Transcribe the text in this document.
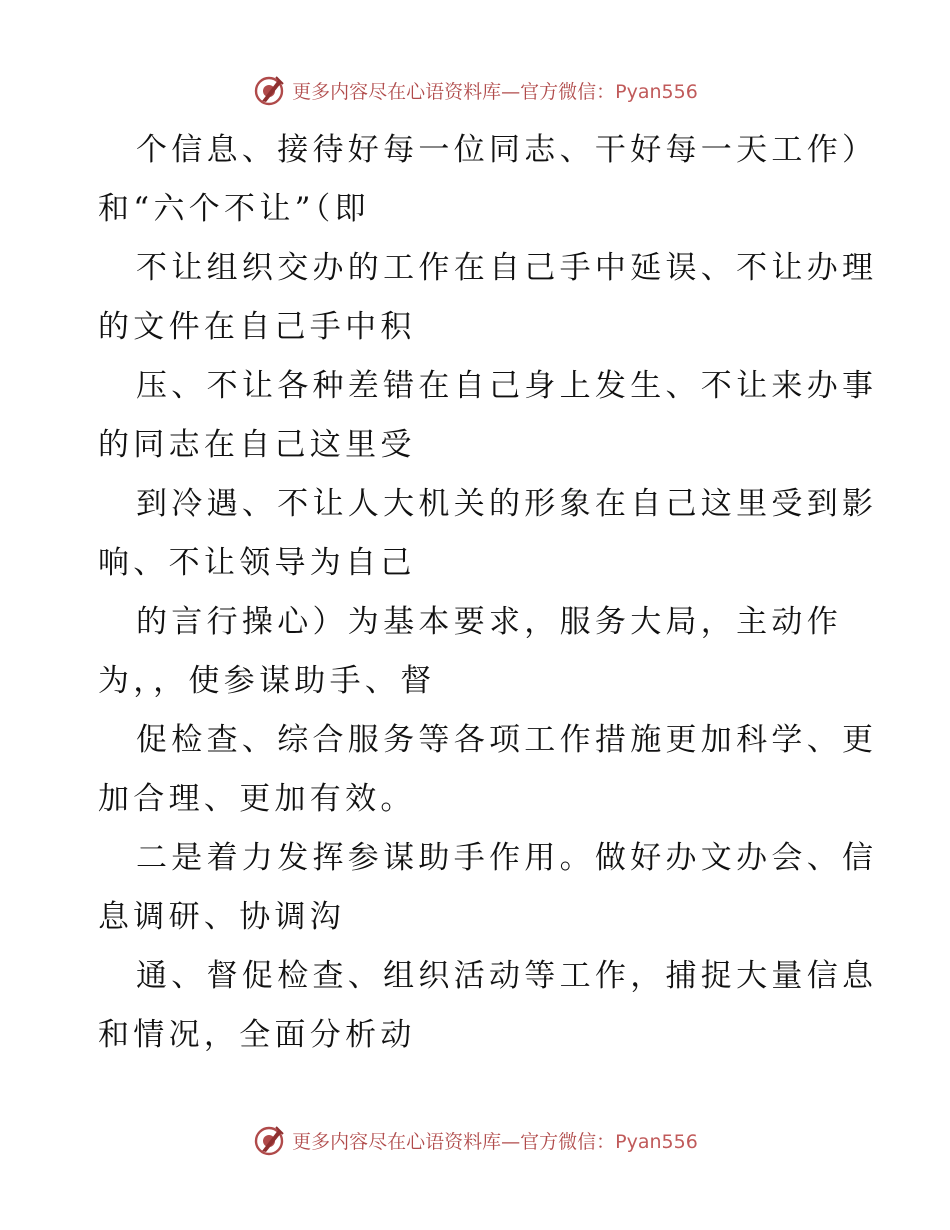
更多内容尽在心语资料库—官方微信：Pyan556

个信息、接待好每一位同志、干好每一天工作）
和“六个不让”（即

不让组织交办的工作在自己手中延误、不让办理
的文件在自己手中积

压、不让各种差错在自己身上发生、不让来办事
的同志在自己这里受

到冷遇、不让人大机关的形象在自己这里受到影
响、不让领导为自己

的言行操心）为基本要求，服务大局，主动作
为，，使参谋助手、督

促检查、综合服务等各项工作措施更加科学、更
加合理、更加有效。

二是着力发挥参谋助手作用。做好办文办会、信
息调研、协调沟

通、督促检查、组织活动等工作，捕捉大量信息
和情况，全面分析动

更多内容尽在心语资料库—官方微信：Pyan556
